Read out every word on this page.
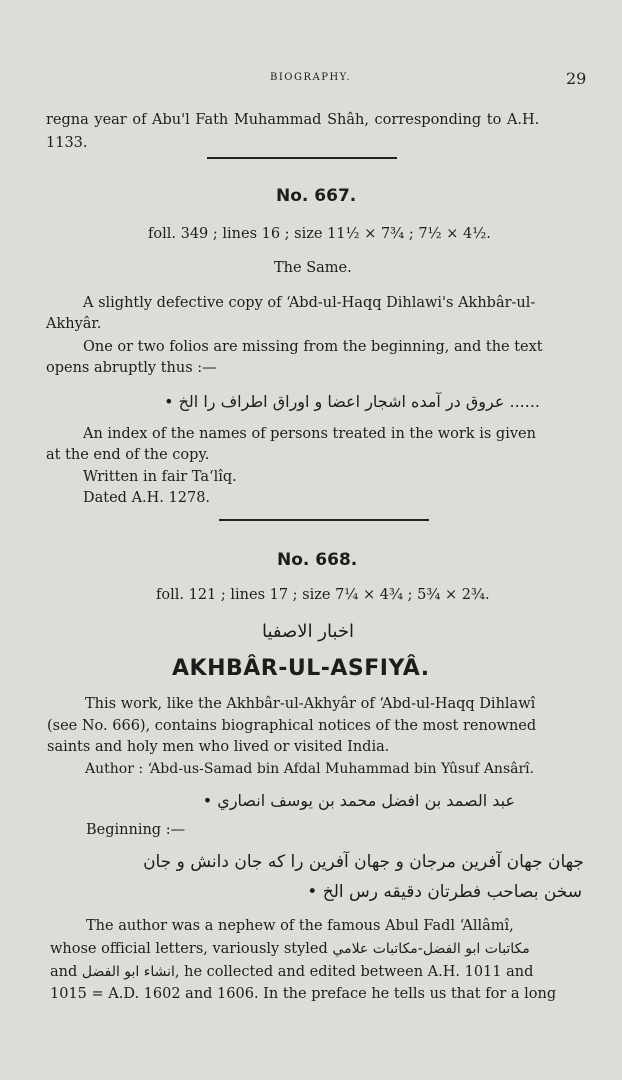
BIOGRAPHY.	29
regna year of Abu'l Fath Muhammad Shâh, corresponding to A.H.
1133.
No. 667.
foll. 349 ; lines 16 ; size 11½ × 7¾ ; 7½ × 4½.
The Same.
A slightly defective copy of ‘Abd-ul-Haqq Dihlawi's Akhbâr-ul-
Akhyâr.
One or two folios are missing from the beginning, and the text
opens abruptly thus :—
...... عروق در آمده اشجار اعضا و اوراق اطراف را الخ •
An index of the names of persons treated in the work is given
at the end of the copy.
Written in fair Ta‘lîq.
Dated A.H. 1278.
No. 668.
foll. 121 ; lines 17 ; size 7¼ × 4¾ ; 5¾ × 2¾.
اخبار الاصفيا
AKHBÂR-UL-ASFIYÂ.
This work, like the Akhbâr-ul-Akhyâr of ‘Abd-ul-Haqq Dihlawî
(see No. 666), contains biographical notices of the most renowned
saints and holy men who lived or visited India.
Author : ‘Abd-us-Samad bin Afdal Muhammad bin Yûsuf Ansârî.
عبد الصمد بن افضل محمد بن يوسف انصاري •
Beginning :—
جهان جهان آفرين مرجان و جهان آفرين را كه جان دانش و جان
سخن بصاحب فطرتان دقيقه رس الخ •
The author was a nephew of the famous Abul Fadl ‘Allâmî,
whose official letters, variously styled مكاتبات ابو الفضل-مكاتبات علامي
and انشاء ابو الفضل, he collected and edited between A.H. 1011 and
1015 = A.D. 1602 and 1606. In the preface he tells us that for a long
